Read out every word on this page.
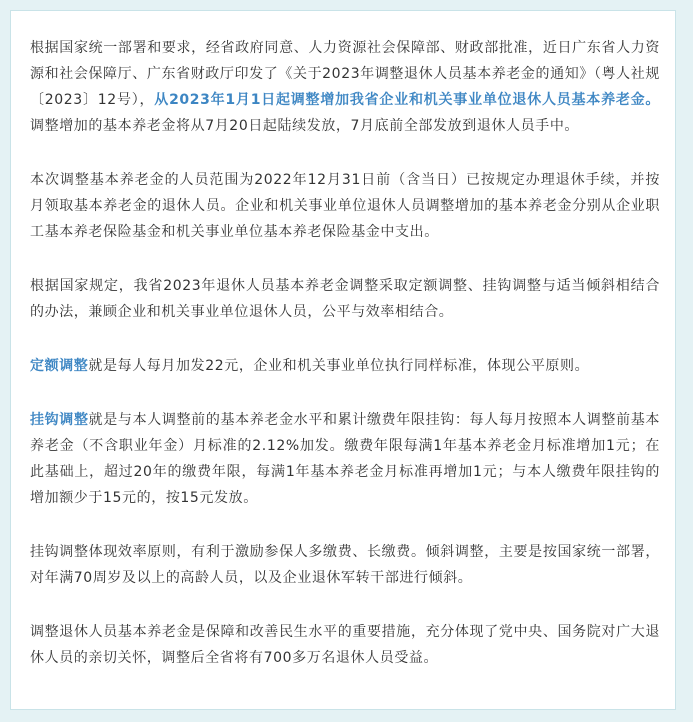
根据国家统一部署和要求，经省政府同意、人力资源社会保障部、财政部批准，近日广东省人力资源和社会保障厅、广东省财政厅印发了《关于2023年调整退休人员基本养老金的通知》（粤人社规〔2023〕12号），从2023年1月1日起调整增加我省企业和机关事业单位退休人员基本养老金。调整增加的基本养老金将从7月20日起陆续发放，7月底前全部发放到退休人员手中。

本次调整基本养老金的人员范围为2022年12月31日前（含当日）已按规定办理退休手续，并按月领取基本养老金的退休人员。企业和机关事业单位退休人员调整增加的基本养老金分别从企业职工基本养老保险基金和机关事业单位基本养老保险基金中支出。

根据国家规定，我省2023年退休人员基本养老金调整采取定额调整、挂钩调整与适当倾斜相结合的办法，兼顾企业和机关事业单位退休人员，公平与效率相结合。

定额调整就是每人每月加发22元，企业和机关事业单位执行同样标准，体现公平原则。

挂钩调整就是与本人调整前的基本养老金水平和累计缴费年限挂钩：每人每月按照本人调整前基本养老金（不含职业年金）月标准的2.12%加发。缴费年限每满1年基本养老金月标准增加1元；在此基础上，超过20年的缴费年限，每满1年基本养老金月标准再增加1元；与本人缴费年限挂钩的增加额少于15元的，按15元发放。

挂钩调整体现效率原则，有利于激励参保人多缴费、长缴费。倾斜调整，主要是按国家统一部署，对年满70周岁及以上的高龄人员，以及企业退休军转干部进行倾斜。

调整退休人员基本养老金是保障和改善民生水平的重要措施，充分体现了党中央、国务院对广大退休人员的亲切关怀，调整后全省将有700多万名退休人员受益。
